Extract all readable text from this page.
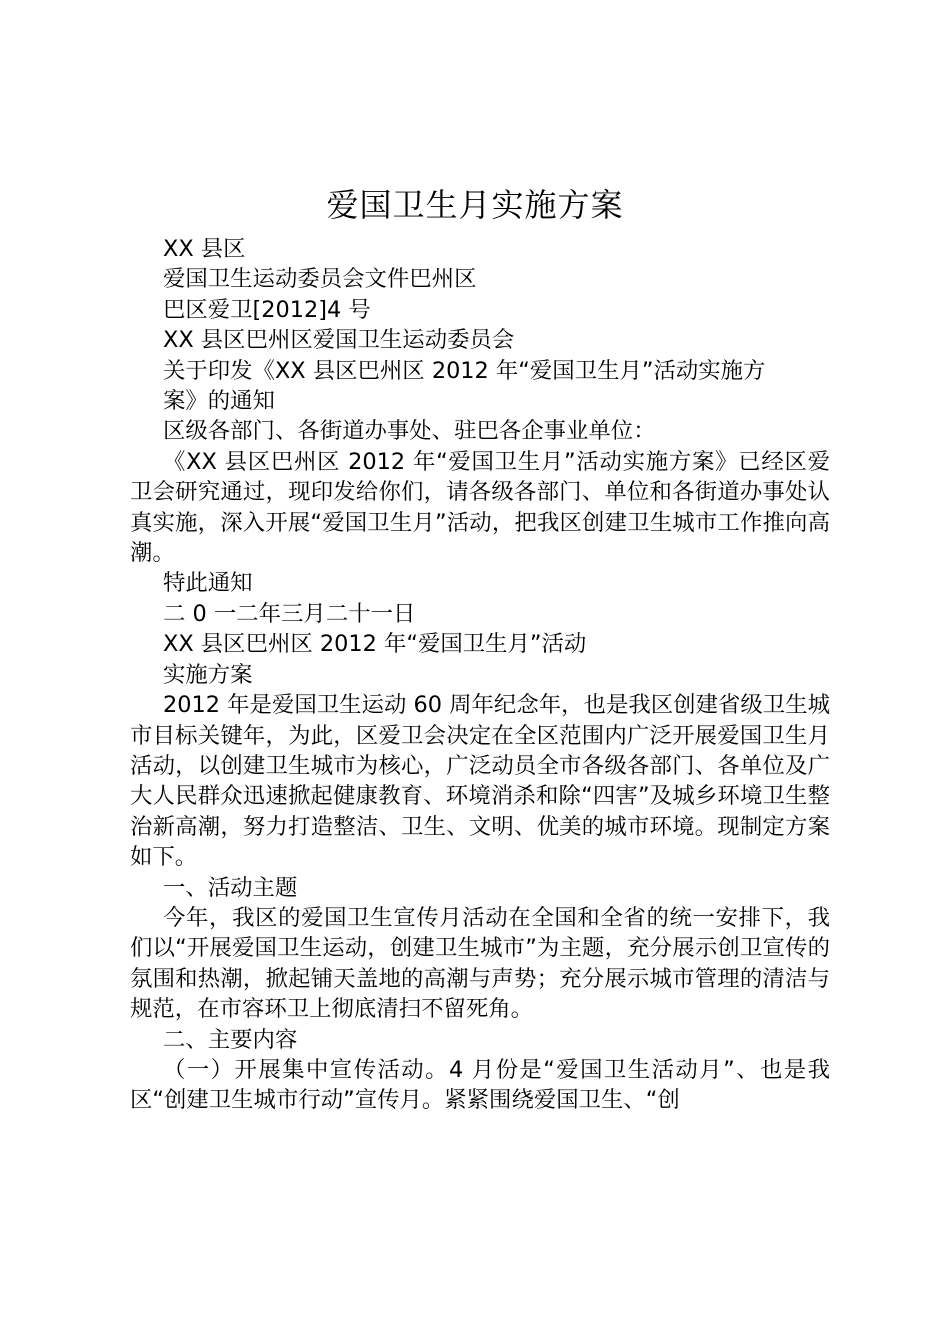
爱国卫生月实施方案

XX 县区

爱国卫生运动委员会文件巴州区

巴区爱卫[2012]4 号

XX 县区巴州区爱国卫生运动委员会

关于印发《XX 县区巴州区 2012 年“爱国卫生月”活动实施方

案》的通知

区级各部门、各街道办事处、驻巴各企事业单位：

《XX 县区巴州区 2012 年“爱国卫生月”活动实施方案》已经区爱卫会研究通过，现印发给你们，请各级各部门、单位和各街道办事处认真实施，深入开展“爱国卫生月”活动，把我区创建卫生城市工作推向高潮。

特此通知

二 0 一二年三月二十一日

XX 县区巴州区 2012 年“爱国卫生月”活动

实施方案

2012 年是爱国卫生运动 60 周年纪念年，也是我区创建省级卫生城市目标关键年，为此，区爱卫会决定在全区范围内广泛开展爱国卫生月活动，以创建卫生城市为核心，广泛动员全市各级各部门、各单位及广大人民群众迅速掀起健康教育、环境消杀和除“四害”及城乡环境卫生整治新高潮，努力打造整洁、卫生、文明、优美的城市环境。现制定方案如下。

一、活动主题

今年，我区的爱国卫生宣传月活动在全国和全省的统一安排下，我们以“开展爱国卫生运动，创建卫生城市”为主题，充分展示创卫宣传的氛围和热潮，掀起铺天盖地的高潮与声势；充分展示城市管理的清洁与规范，在市容环卫上彻底清扫不留死角。

二、主要内容

（一）开展集中宣传活动。4 月份是“爱国卫生活动月”、也是我区“创建卫生城市行动”宣传月。紧紧围绕爱国卫生、“创
